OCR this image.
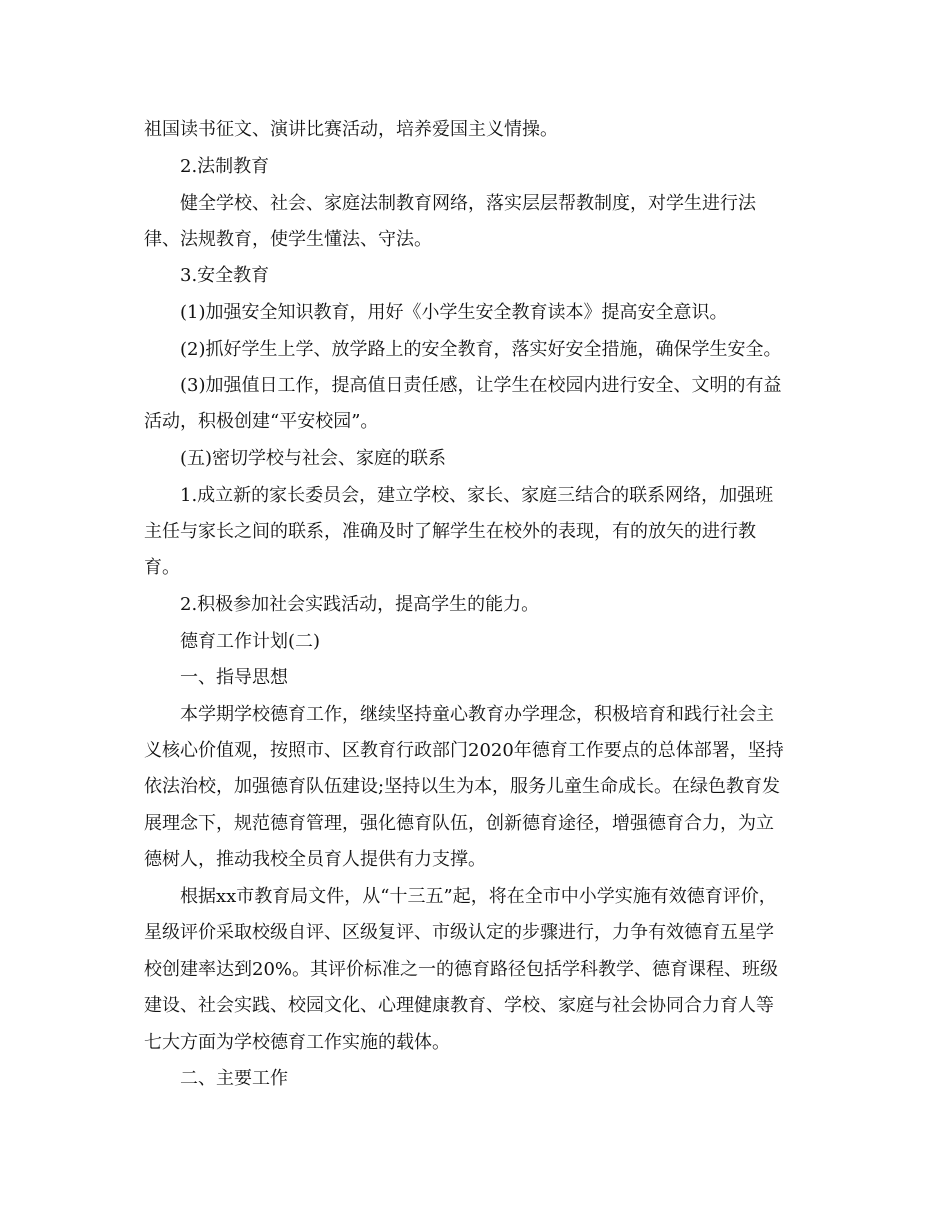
祖国读书征文、演讲比赛活动，培养爱国主义情操。
2.法制教育
健全学校、社会、家庭法制教育网络，落实层层帮教制度，对学生进行法
律、法规教育，使学生懂法、守法。
3.安全教育
(1)加强安全知识教育，用好《小学生安全教育读本》提高安全意识。
(2)抓好学生上学、放学路上的安全教育，落实好安全措施，确保学生安全。
(3)加强值日工作，提高值日责任感，让学生在校园内进行安全、文明的有益
活动，积极创建“平安校园”。
(五)密切学校与社会、家庭的联系
1.成立新的家长委员会，建立学校、家长、家庭三结合的联系网络，加强班
主任与家长之间的联系，准确及时了解学生在校外的表现，有的放矢的进行教
育。
2.积极参加社会实践活动，提高学生的能力。
德育工作计划(二)
一、指导思想
本学期学校德育工作，继续坚持童心教育办学理念，积极培育和践行社会主
义核心价值观，按照市、区教育行政部门2020年德育工作要点的总体部署，坚持
依法治校，加强德育队伍建设;坚持以生为本，服务儿童生命成长。在绿色教育发
展理念下，规范德育管理，强化德育队伍，创新德育途径，增强德育合力，为立
德树人，推动我校全员育人提供有力支撑。
根据xx市教育局文件，从“十三五”起，将在全市中小学实施有效德育评价，
星级评价采取校级自评、区级复评、市级认定的步骤进行，力争有效德育五星学
校创建率达到20%。其评价标准之一的德育路径包括学科教学、德育课程、班级
建设、社会实践、校园文化、心理健康教育、学校、家庭与社会协同合力育人等
七大方面为学校德育工作实施的载体。
二、主要工作
